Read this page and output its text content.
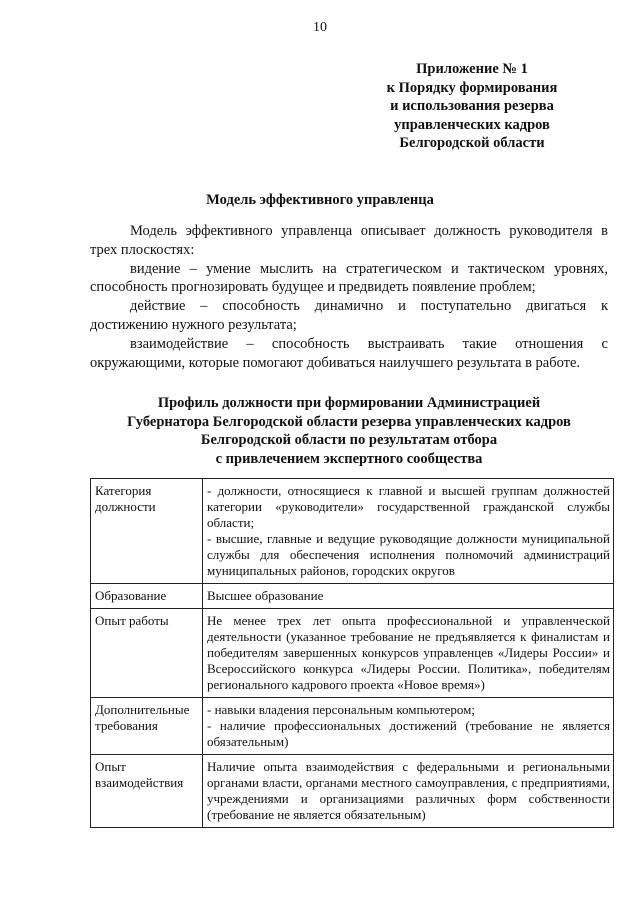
10
Приложение № 1
к Порядку формирования
и использования резерва
управленческих кадров
Белгородской области
Модель эффективного управленца

Модель эффективного управленца описывает должность руководителя в трех плоскостях:

видение – умение мыслить на стратегическом и тактическом уровнях, способность прогнозировать будущее и предвидеть появление проблем;

действие – способность динамично и поступательно двигаться к достижению нужного результата;

взаимодействие – способность выстраивать такие отношения с окружающими, которые помогают добиваться наилучшего результата в работе.

Профиль должности при формировании Администрацией
Губернатора Белгородской области резерва управленческих кадров
Белгородской области по результатам отбора
с привлечением экспертного сообщества
Категория должности	- должности, относящиеся к главной и высшей группам должностей категории «руководители» государственной гражданской службы области;

- высшие, главные и ведущие руководящие должности муниципальной службы для обеспечения исполнения полномочий администраций муниципальных районов, городских округов

Образование	Высшее образование

Опыт работы	Не менее трех лет опыта профессиональной и управленческой деятельности (указанное требование не предъявляется к финалистам и победителям завершенных конкурсов управленцев «Лидеры России» и Всероссийского конкурса «Лидеры России. Политика», победителям регионального кадрового проекта «Новое время»)

Дополнительные требования	- навыки владения персональным компьютером;

- наличие профессиональных достижений (требование не является обязательным)

Опыт взаимодействия	Наличие опыта взаимодействия с федеральными и региональными органами власти, органами местного самоуправления, с предприятиями, учреждениями и организациями различных форм собственности (требование не является обязательным)
